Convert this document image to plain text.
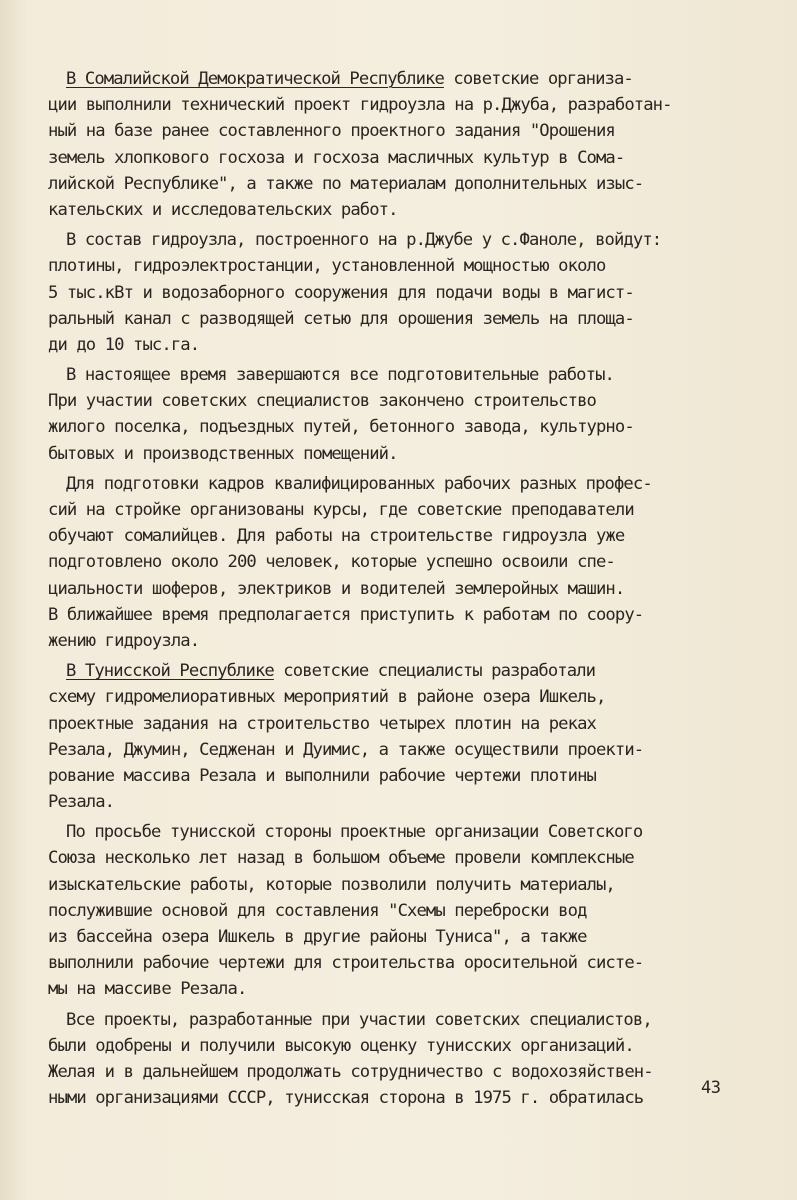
В Сомалийской Демократической Республике советские организа-
ции выполнили технический проект гидроузла на р.Джуба, разработан-
ный на базе ранее составленного проектного задания "Орошения
земель хлопкового госхоза и госхоза масличных культур в Сома-
лийской Республике", а также по материалам дополнительных изыс-
кательских и исследовательских работ.
В состав гидроузла, построенного на р.Джубе у с.Фаноле, войдут:
плотины, гидроэлектростанции, установленной мощностью около
5 тыс.кВт и водозаборного сооружения для подачи воды в магист-
ральный канал с разводящей сетью для орошения земель на площа-
ди до 10 тыс.га.
В настоящее время завершаются все подготовительные работы.
При участии советских специалистов закончено строительство
жилого поселка, подъездных путей, бетонного завода, культурно-
бытовых и производственных помещений.
Для подготовки кадров квалифицированных рабочих разных профес-
сий на стройке организованы курсы, где советские преподаватели
обучают сомалийцев. Для работы на строительстве гидроузла уже
подготовлено около 200 человек, которые успешно освоили спе-
циальности шоферов, электриков и водителей землеройных машин.
В ближайшее время предполагается приступить к работам по соору-
жению гидроузла.
В Тунисской Республике советские специалисты разработали
схему гидромелиоративных мероприятий в районе озера Ишкель,
проектные задания на строительство четырех плотин на реках
Резала, Джумин, Седженан и Дуимис, а также осуществили проекти-
рование массива Резала и выполнили рабочие чертежи плотины
Резала.
По просьбе тунисской стороны проектные организации Советского
Союза несколько лет назад в большом объеме провели комплексные
изыскательские работы, которые позволили получить материалы,
послужившие основой для составления "Схемы переброски вод
из бассейна озера Ишкель в другие районы Туниса", а также
выполнили рабочие чертежи для строительства оросительной систе-
мы на массиве Резала.
Все проекты, разработанные при участии советских специалистов,
были одобрены и получили высокую оценку тунисских организаций.
Желая и в дальнейшем продолжать сотрудничество с водохозяйствен-
ными организациями СССР, тунисская сторона в 1975 г. обратилась
43
